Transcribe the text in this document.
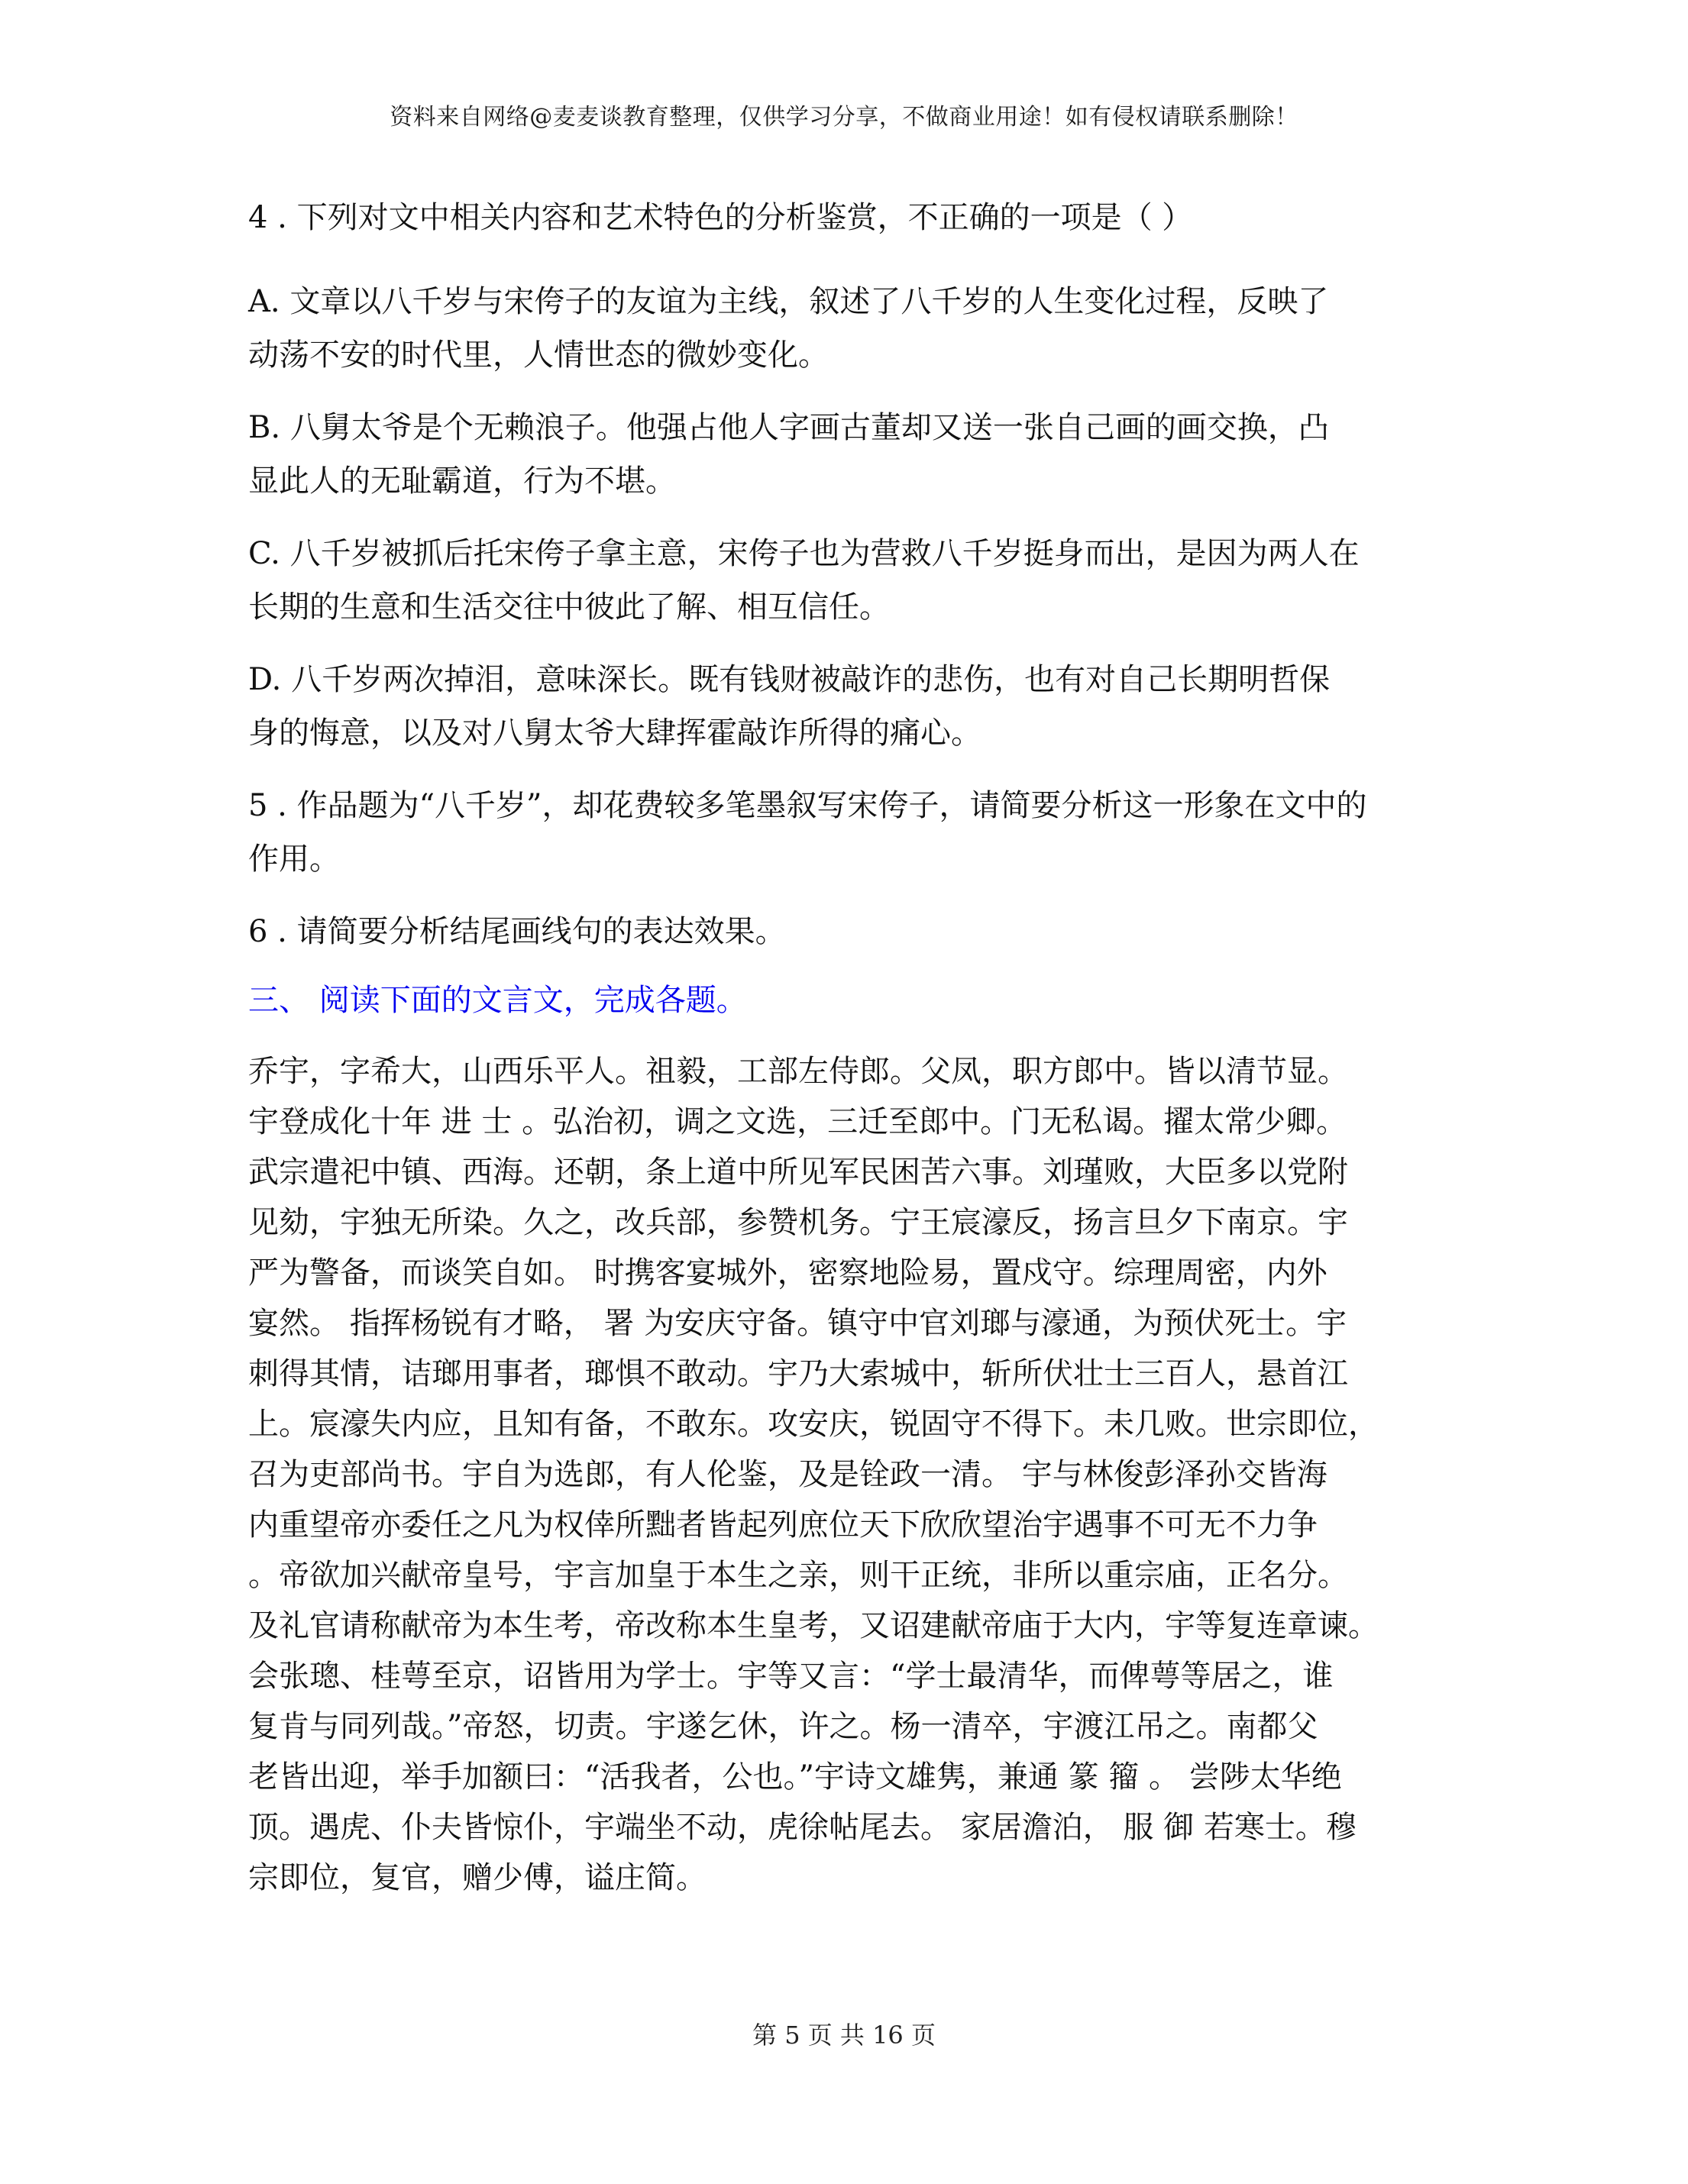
资料来自网络@麦麦谈教育整理，仅供学习分享，不做商业用途！如有侵权请联系删除！
4 . 下列对文中相关内容和艺术特色的分析鉴赏，不正确的一项是（ ）
A. 文章以八千岁与宋侉子的友谊为主线，叙述了八千岁的人生变化过程，反映了
动荡不安的时代里，人情世态的微妙变化。
B. 八舅太爷是个无赖浪子。他强占他人字画古董却又送一张自己画的画交换，凸
显此人的无耻霸道，行为不堪。
C. 八千岁被抓后托宋侉子拿主意，宋侉子也为营救八千岁挺身而出，是因为两人在
长期的生意和生活交往中彼此了解、相互信任。
D. 八千岁两次掉泪，意味深长。既有钱财被敲诈的悲伤，也有对自己长期明哲保
身的悔意，以及对八舅太爷大肆挥霍敲诈所得的痛心。
5 . 作品题为“八千岁”，却花费较多笔墨叙写宋侉子，请简要分析这一形象在文中的
作用。
6 . 请简要分析结尾画线句的表达效果。
三、 阅读下面的文言文，完成各题。
乔宇，字希大，山西乐平人。祖毅，工部左侍郎。父凤，职方郎中。皆以清节显。
宇登成化十年 进 士 。弘治初，调之文选，三迁至郎中。门无私谒。擢太常少卿。
武宗遣祀中镇、西海。还朝，条上道中所见军民困苦六事。刘瑾败，大臣多以党附
见劾，宇独无所染。久之，改兵部，参赞机务。宁王宸濠反，扬言旦夕下南京。宇
严为警备，而谈笑自如。 时携客宴城外，密察地险易，置戍守。综理周密，内外
宴然。 指挥杨锐有才略， 署 为安庆守备。镇守中官刘瑯与濠通，为预伏死士。宇
刺得其情，诘瑯用事者，瑯惧不敢动。宇乃大索城中，斩所伏壮士三百人，悬首江
上。宸濠失内应，且知有备，不敢东。攻安庆，锐固守不得下。未几败。世宗即位，
召为吏部尚书。宇自为选郎，有人伦鉴，及是铨政一清。 宇与林俊彭泽孙交皆海
内重望帝亦委任之凡为权倖所黜者皆起列庶位天下欣欣望治宇遇事不可无不力争
。帝欲加兴献帝皇号，宇言加皇于本生之亲，则干正统，非所以重宗庙，正名分。
及礼官请称献帝为本生考，帝改称本生皇考，又诏建献帝庙于大内，宇等复连章谏。
会张璁、桂萼至京，诏皆用为学士。宇等又言：“学士最清华，而俾萼等居之，谁
复肯与同列哉。”帝怒，切责。宇遂乞休，许之。杨一清卒，宇渡江吊之。南都父
老皆出迎，举手加额曰：“活我者，公也。”宇诗文雄隽，兼通 篆 籀 。 尝陟太华绝
顶。遇虎、仆夫皆惊仆，宇端坐不动，虎徐帖尾去。 家居澹泊， 服 御 若寒士。穆
宗即位，复官，赠少傅，谥庄简。
第 5 页 共 16 页
